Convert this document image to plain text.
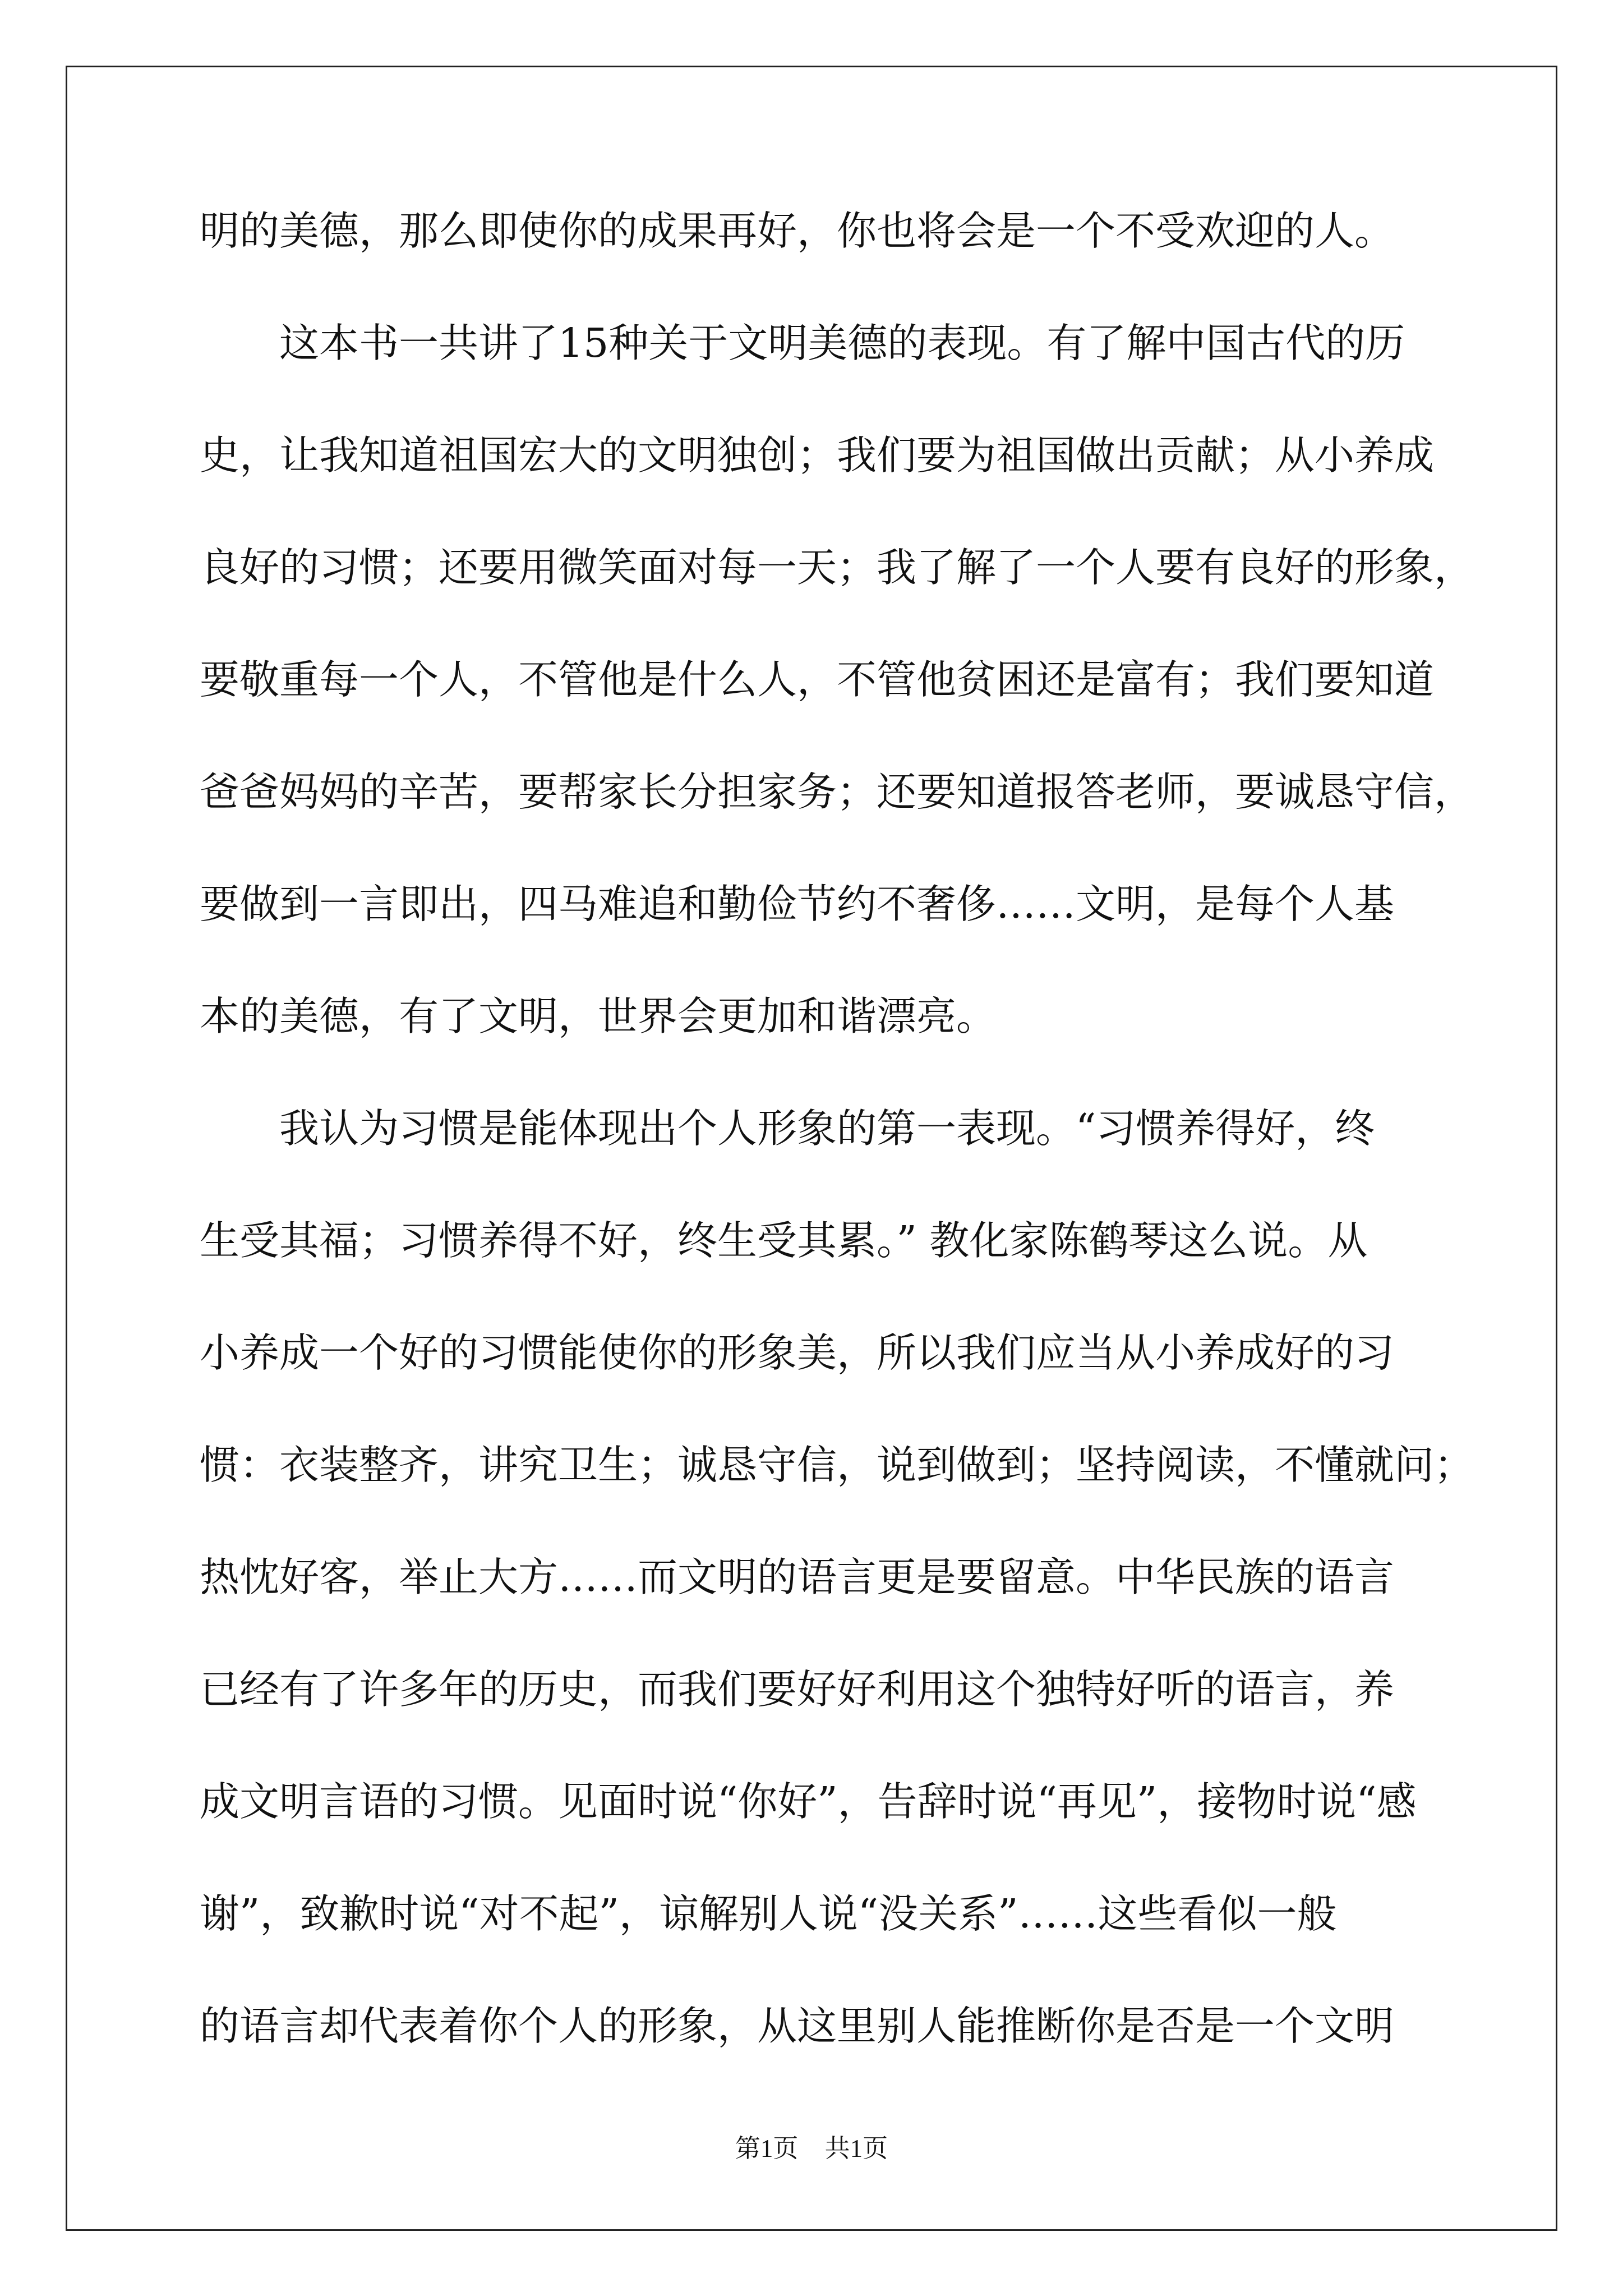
明的美德，那么即使你的成果再好，你也将会是一个不受欢迎的人。
　　这本书一共讲了15种关于文明美德的表现。有了解中国古代的历
史，让我知道祖国宏大的文明独创；我们要为祖国做出贡献；从小养成
良好的习惯；还要用微笑面对每一天；我了解了一个人要有良好的形象，
要敬重每一个人，不管他是什么人，不管他贫困还是富有；我们要知道
爸爸妈妈的辛苦，要帮家长分担家务；还要知道报答老师，要诚恳守信，
要做到一言即出，四马难追和勤俭节约不奢侈……文明，是每个人基
本的美德，有了文明，世界会更加和谐漂亮。
　　我认为习惯是能体现出个人形象的第一表现。“习惯养得好，终
生受其福；习惯养得不好，终生受其累。” 教化家陈鹤琴这么说。从
小养成一个好的习惯能使你的形象美，所以我们应当从小养成好的习
惯：衣装整齐，讲究卫生；诚恳守信，说到做到；坚持阅读，不懂就问；
热忱好客，举止大方……而文明的语言更是要留意。中华民族的语言
已经有了许多年的历史，而我们要好好利用这个独特好听的语言，养
成文明言语的习惯。见面时说“你好”，告辞时说“再见”，接物时说“感
谢”，致歉时说“对不起”，谅解别人说“没关系”……这些看似一般
的语言却代表着你个人的形象，从这里别人能推断你是否是一个文明
第1页 共1页
